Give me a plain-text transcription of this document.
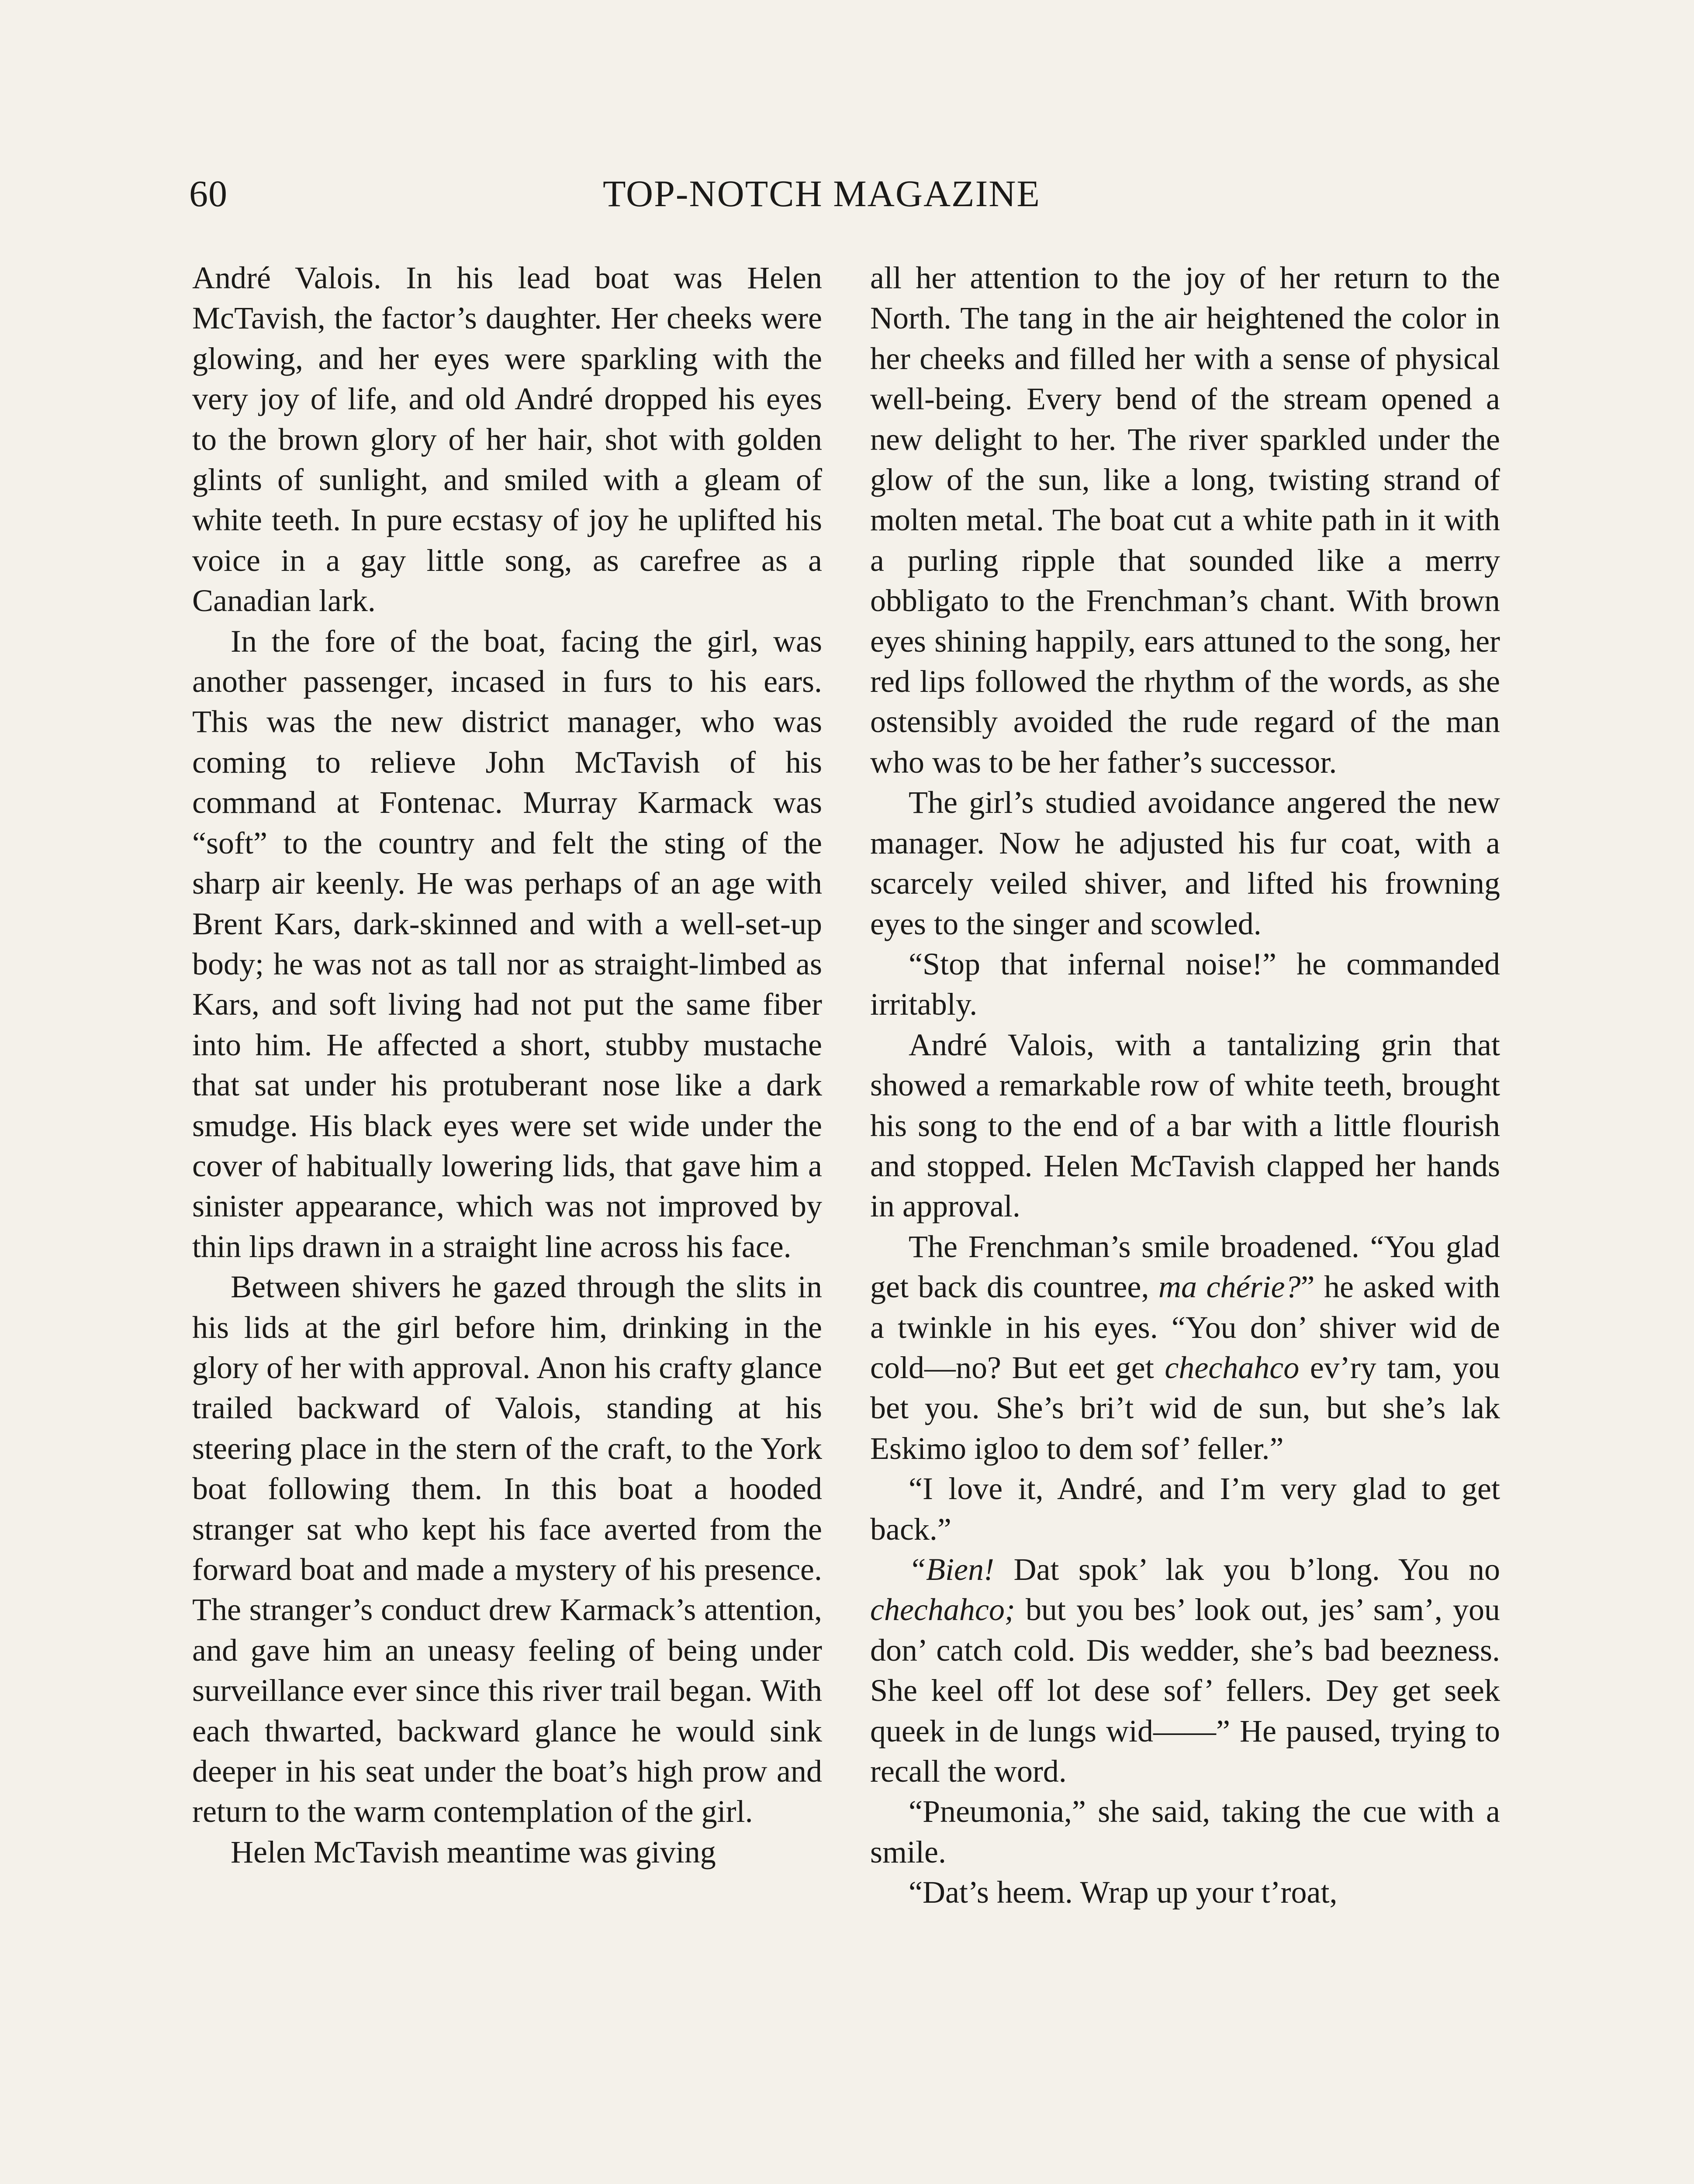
60	TOP-NOTCH MAGAZINE

André Valois. In his lead boat was Helen McTavish, the factor’s daughter. Her cheeks were glowing, and her eyes were sparkling with the very joy of life, and old André dropped his eyes to the brown glory of her hair, shot with golden glints of sunlight, and smiled with a gleam of white teeth. In pure ecstasy of joy he uplifted his voice in a gay little song, as carefree as a Canadian lark.

In the fore of the boat, facing the girl, was another passenger, incased in furs to his ears. This was the new district manager, who was coming to relieve John McTavish of his command at Fontenac. Murray Karmack was “soft” to the country and felt the sting of the sharp air keenly. He was perhaps of an age with Brent Kars, dark-skinned and with a well-set-up body; he was not as tall nor as straight-limbed as Kars, and soft living had not put the same fiber into him. He affected a short, stubby mustache that sat under his protuberant nose like a dark smudge. His black eyes were set wide under the cover of habitually lowering lids, that gave him a sinister appearance, which was not improved by thin lips drawn in a straight line across his face.

Between shivers he gazed through the slits in his lids at the girl before him, drinking in the glory of her with approval. Anon his crafty glance trailed backward of Valois, standing at his steering place in the stern of the craft, to the York boat following them. In this boat a hooded stranger sat who kept his face averted from the forward boat and made a mystery of his presence. The stranger’s conduct drew Karmack’s attention, and gave him an uneasy feeling of being under surveillance ever since this river trail began. With each thwarted, backward glance he would sink deeper in his seat under the boat’s high prow and return to the warm contemplation of the girl.

Helen McTavish meantime was giving

all her attention to the joy of her return to the North. The tang in the air heightened the color in her cheeks and filled her with a sense of physical well-being. Every bend of the stream opened a new delight to her. The river sparkled under the glow of the sun, like a long, twisting strand of molten metal. The boat cut a white path in it with a purling ripple that sounded like a merry obbligato to the Frenchman’s chant. With brown eyes shining happily, ears attuned to the song, her red lips followed the rhythm of the words, as she ostensibly avoided the rude regard of the man who was to be her father’s successor.

The girl’s studied avoidance angered the new manager. Now he adjusted his fur coat, with a scarcely veiled shiver, and lifted his frowning eyes to the singer and scowled.

“Stop that infernal noise!” he commanded irritably.

André Valois, with a tantalizing grin that showed a remarkable row of white teeth, brought his song to the end of a bar with a little flourish and stopped. Helen McTavish clapped her hands in approval.

The Frenchman’s smile broadened. “You glad get back dis countree, ma chérie?” he asked with a twinkle in his eyes. “You don’ shiver wid de cold—no? But eet get chechahco ev’ry tam, you bet you. She’s bri’t wid de sun, but she’s lak Eskimo igloo to dem sof’ feller.”

“I love it, André, and I’m very glad to get back.”

“Bien! Dat spok’ lak you b’long. You no chechahco; but you bes’ look out, jes’ sam’, you don’ catch cold. Dis wedder, she’s bad beezness. She keel off lot dese sof’ fellers. Dey get seek queek in de lungs wid——” He paused, trying to recall the word.

“Pneumonia,” she said, taking the cue with a smile.

“Dat’s heem. Wrap up your t’roat,
